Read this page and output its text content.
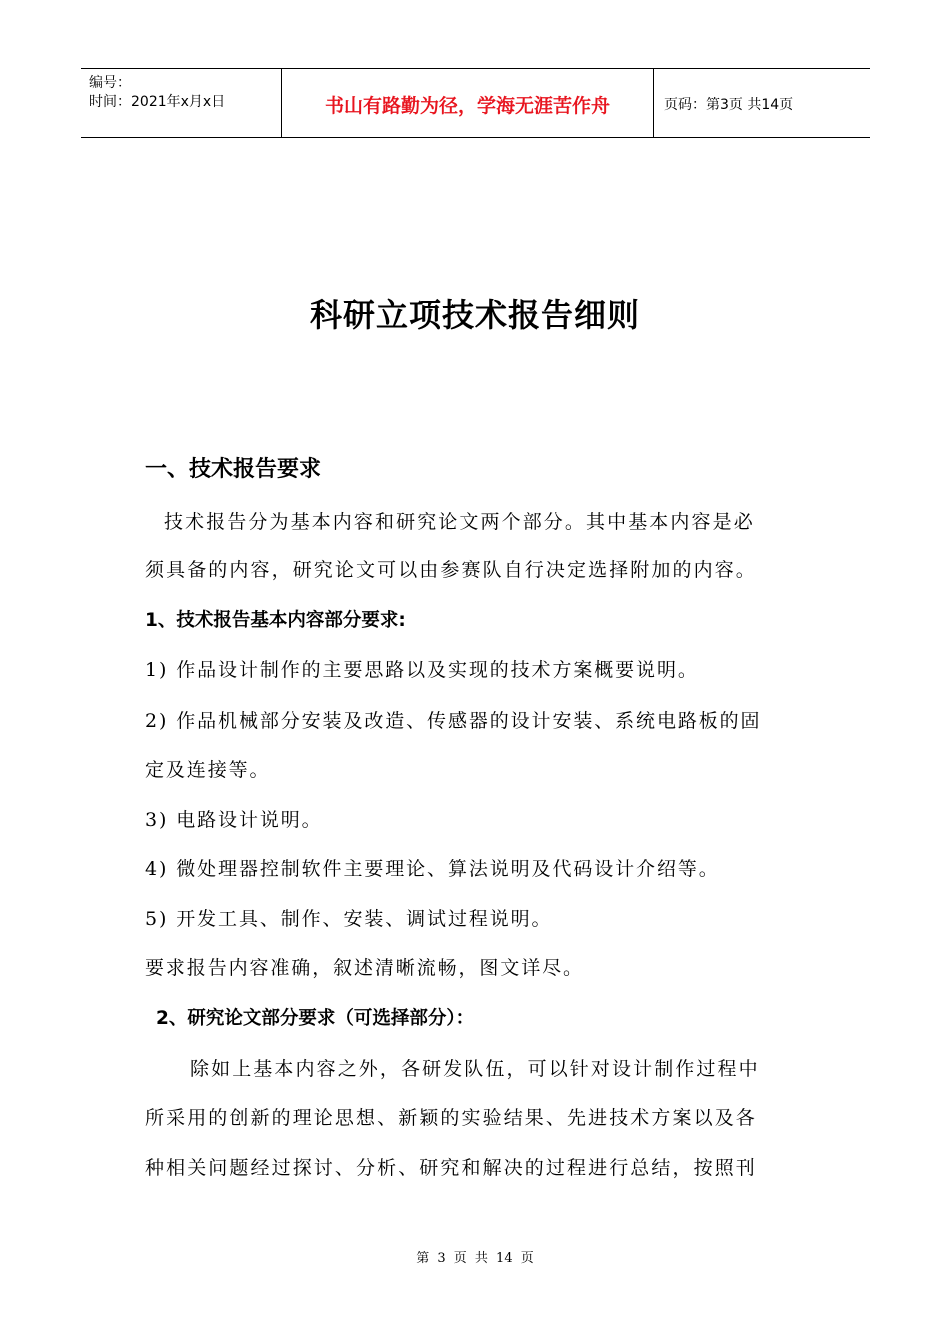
编号：
时间：2021年x月x日	书山有路勤为径，学海无涯苦作舟	页码：第3页 共14页
科研立项技术报告细则
一、技术报告要求
技术报告分为基本内容和研究论文两个部分。其中基本内容是必
须具备的内容，研究论文可以由参赛队自行决定选择附加的内容。
1、技术报告基本内容部分要求:
1) 作品设计制作的主要思路以及实现的技术方案概要说明。
2) 作品机械部分安装及改造、传感器的设计安装、系统电路板的固
定及连接等。
3) 电路设计说明。
4) 微处理器控制软件主要理论、算法说明及代码设计介绍等。
5) 开发工具、制作、安装、调试过程说明。
要求报告内容准确，叙述清晰流畅，图文详尽。
2、研究论文部分要求（可选择部分）：
除如上基本内容之外，各研发队伍，可以针对设计制作过程中
所采用的创新的理论思想、新颖的实验结果、先进技术方案以及各
种相关问题经过探讨、分析、研究和解决的过程进行总结，按照刊
第 3 页 共 14 页
